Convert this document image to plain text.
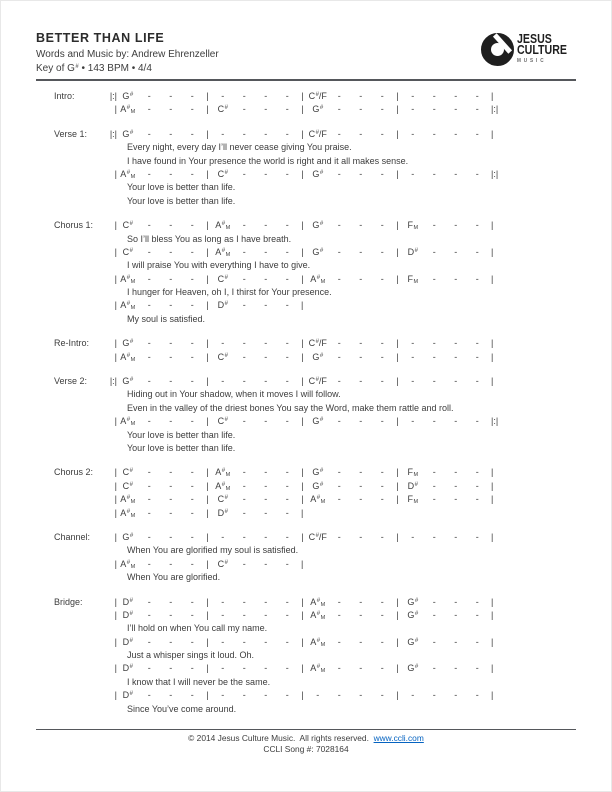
BETTER THAN LIFE
Words and Music by: Andrew Ehrenzeller
Key of G# • 143 BPM • 4/4
JESUS
CULTURE
MUSIC
Intro:	|:| G# - - - | - - - - | C#/F - - - | - - - - |
| A#M - - - | C# - - - | G# - - - | - - - - |:|
Verse 1:	|:| G# - - - | - - - - | C#/F - - - | - - - - |
Every night, every day I’ll never cease giving You praise.
I have found in Your presence the world is right and it all makes sense.
| A#M - - - | C# - - - | G# - - - | - - - - |:|
Your love is better than life.
Your love is better than life.
Chorus 1:	| C# - - - | A#M - - - | G# - - - | FM - - - |
So I’ll bless You as long as I have breath.
| C# - - - | A#M - - - | G# - - - | D# - - - |
I will praise You with everything I have to give.
| A#M - - - | C# - - - | A#M - - - | FM - - - |
I hunger for Heaven, oh I, I thirst for Your presence.
| A#M - - - | D# - - - |
My soul is satisfied.
Re-Intro:	| G# - - - | - - - - | C#/F - - - | - - - - |
| A#M - - - | C# - - - | G# - - - | - - - - |
Verse 2:	|:| G# - - - | - - - - | C#/F - - - | - - - - |
Hiding out in Your shadow, when it moves I will follow.
Even in the valley of the driest bones You say the Word, make them rattle and roll.
| A#M - - - | C# - - - | G# - - - | - - - - |:|
Your love is better than life.
Your love is better than life.
Chorus 2:	| C# - - - | A#M - - - | G# - - - | FM - - - |
| C# - - - | A#M - - - | G# - - - | D# - - - |
| A#M - - - | C# - - - | A#M - - - | FM - - - |
| A#M - - - | D# - - - |
Channel:	| G# - - - | - - - - | C#/F - - - | - - - - |
When You are glorified my soul is satisfied.
| A#M - - - | C# - - - |
When You are glorified.
Bridge:	| D# - - - | - - - - | A#M - - - | G# - - - |
| D# - - - | - - - - | A#M - - - | G# - - - |
I’ll hold on when You call my name.
| D# - - - | - - - - | A#M - - - | G# - - - |
Just a whisper sings it loud. Oh.
| D# - - - | - - - - | A#M - - - | G# - - - |
I know that I will never be the same.
| D# - - - | - - - - | - - - - | - - - - |
Since You’ve come around.
© 2014 Jesus Culture Music.  All rights reserved. www.ccli.com
CCLI Song #: 7028164
